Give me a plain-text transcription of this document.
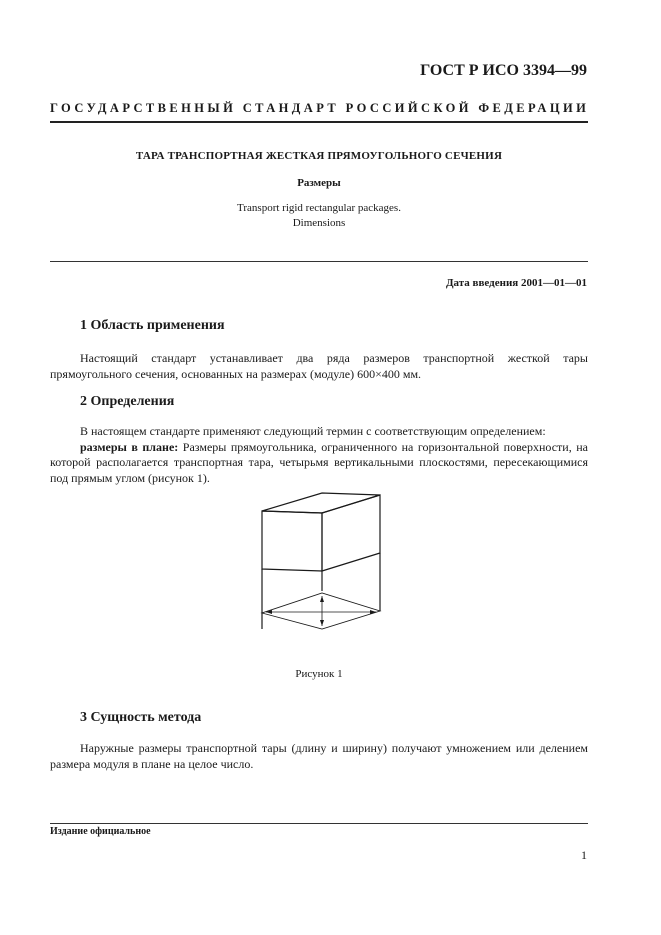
ГОСТ Р ИСО 3394—99
ГОСУДАРСТВЕННЫЙ СТАНДАРТ РОССИЙСКОЙ ФЕДЕРАЦИИ
ТАРА ТРАНСПОРТНАЯ ЖЕСТКАЯ ПРЯМОУГОЛЬНОГО СЕЧЕНИЯ
Размеры
Transport rigid rectangular packages.
Dimensions
Дата введения 2001—01—01
1 Область применения
Настоящий стандарт устанавливает два ряда размеров транспортной жесткой тары прямоугольного сечения, основанных на размерах (модуле) 600×400 мм.
2 Определения
В настоящем стандарте применяют следующий термин с соответствующим определением:
размеры в плане: Размеры прямоугольника, ограниченного на горизонтальной поверхности, на которой располагается транспортная тара, четырьмя вертикальными плоскостями, пересекающимися под прямым углом (рисунок 1).
Рисунок 1
3 Сущность метода
Наружные размеры транспортной тары (длину и ширину) получают умножением или делением размера модуля в плане на целое число.
Издание официальное
1
